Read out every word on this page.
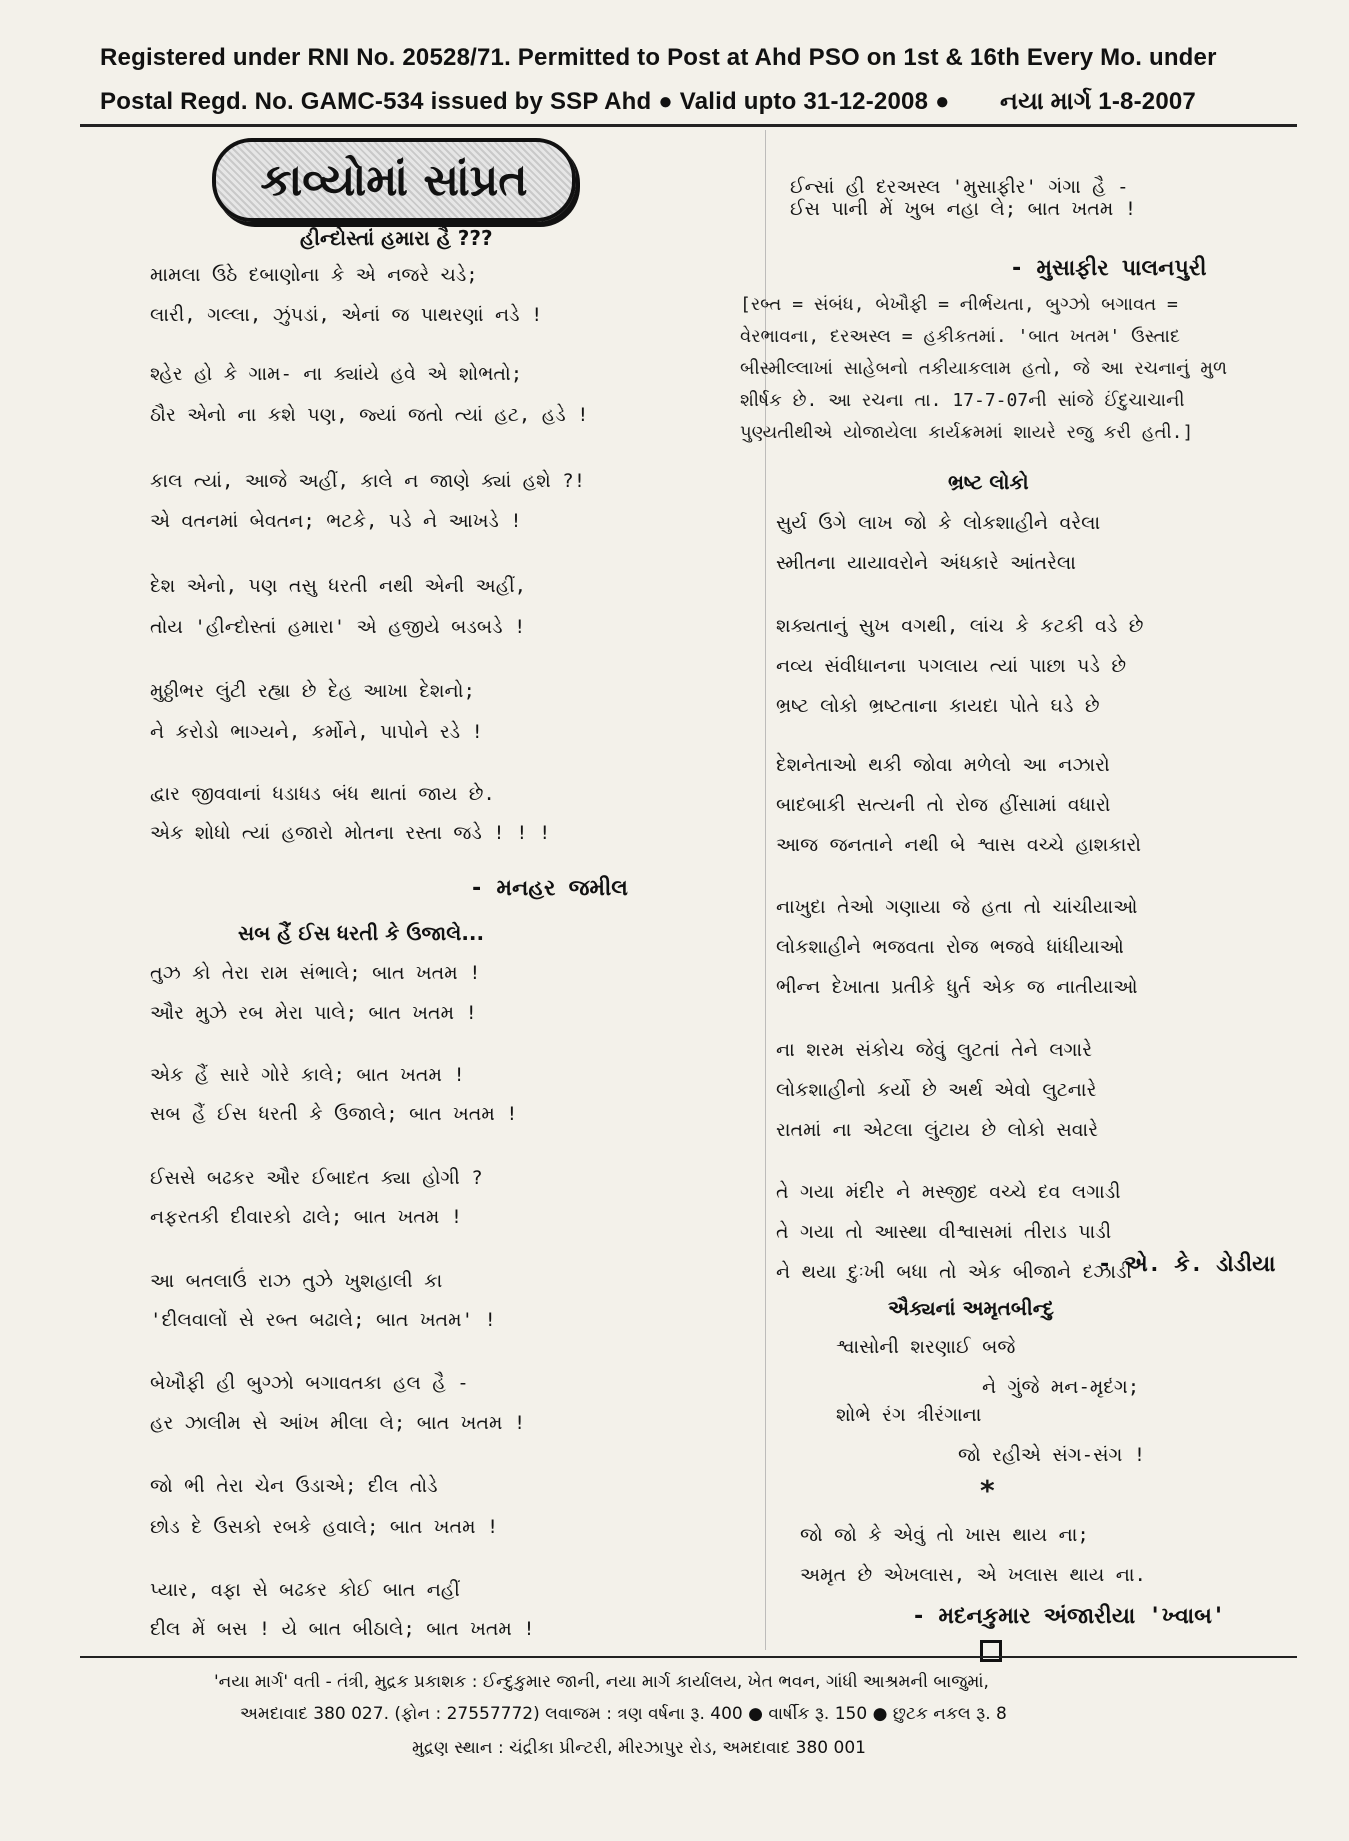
Registered under RNI No. 20528/71. Permitted to Post at Ahd PSO on 1st & 16th Every Mo. under
Postal Regd. No. GAMC-534 issued by SSP Ahd ● Valid upto 31-12-2008 ● નયા માર્ગ 1-8-2007
કાવ્યોમાં સાંપ્રત
હીન્દોસ્તાં હમારા હૈ ???
મામલા ઉઠે દબાણોના કે એ નજરે ચડે;
લારી, ગલ્લા, ઝુંપડાં, એનાં જ પાથરણાં નડે !
શ્હેર હો કે ગામ- ના ક્યાંયે હવે એ શોભતો;
ઠૌર એનો ના કશે પણ, જ્યાં જતો ત્યાં હટ, હડે !
કાલ ત્યાં, આજે અહીં, કાલે ન જાણે ક્યાં હશે ?!
એ વતનમાં બેવતન; ભટકે, પડે ને આખડે !
દેશ એનો, પણ તસુ ધરતી નથી એની અહીં,
તોય 'હીન્દોસ્તાં હમારા' એ હજીયે બડબડે !
મુઠ્ઠીભર લુંટી રહ્યા છે દેહ આખા દેશનો;
ને કરોડો ભાગ્યને, કર્મોને, પાપોને રડે !
દ્વાર જીવવાનાં ધડાધડ બંધ થાતાં જાય છે.
એક શોધો ત્યાં હજારો મોતના રસ્તા જડે ! ! !
- મનહર જમીલ
સબ હૈં ઈસ ધરતી કે ઉજાલે...
તુઝ કો તેરા રામ સંભાલે; બાત ખતમ !
ઔર મુઝે રબ મેરા પાલે; બાત ખતમ !
એક હૈં સારે ગોરે કાલે; બાત ખતમ !
સબ હૈં ઈસ ધરતી કે ઉજાલે; બાત ખતમ !
ઈસસે બઢકર ઔર ઈબાદત ક્યા હોગી ?
નફરતકી દીવારકો ઢાલે; બાત ખતમ !
આ બતલાઉં રાઝ તુઝે ખુશહાલી કા
'દીલવાલોં સે રબ્ત બઢાલે; બાત ખતમ' !
બેખૌફી હી બુગ્ઝો બગાવતકા હલ હૈ -
હર ઝાલીમ સે આંખ મીલા લે; બાત ખતમ !
જો ભી તેરા ચેન ઉડાએ; દીલ તોડે
છોડ દે ઉસકો રબકે હવાલે; બાત ખતમ !
પ્યાર, વફા સે બઢકર કોઈ બાત નહીં
દીલ મેં બસ ! યે બાત બીઠાલે; બાત ખતમ !
ઈન્સાં હી દરઅસ્લ 'મુસાફીર' ગંગા હૈ -
ઈસ પાની મેં ખુબ નહા લે; બાત ખતમ !
- મુસાફીર પાલનપુરી
[રબ્ત = સંબંધ, બેખૌફી = નીર્ભયતા, બુગ્ઝો બગાવત =
વેરભાવના, દરઅસ્લ = હકીકતમાં. 'બાત ખતમ' ઉસ્તાદ
બીસ્મીલ્લાખાં સાહેબનો તકીયાકલામ હતો, જે આ રચનાનું મુળ
શીર્ષક છે. આ રચના તા. 17-7-07ની સાંજે ઈંદુચાચાની
પુણ્યતીથીએ યોજાયેલા કાર્યક્રમમાં શાયરે રજુ કરી હતી.]
ભ્રષ્ટ લોકો
સુર્ય ઉગે લાખ જો કે લોકશાહીને વરેલા
સ્મીતના યાયાવરોને અંધકારે આંતરેલા
શક્યતાનું સુખ વગથી, લાંચ કે કટકી વડે છે
નવ્ય સંવીધાનના પગલાય ત્યાં પાછા પડે છે
ભ્રષ્ટ લોકો ભ્રષ્ટતાના કાયદા પોતે ઘડે છે
દેશનેતાઓ થકી જોવા મળેલો આ નઝારો
બાદબાકી સત્યની તો રોજ હીંસામાં વધારો
આજ જનતાને નથી બે શ્વાસ વચ્ચે હાશકારો
નાખુદા તેઓ ગણાયા જે હતા તો ચાંચીયાઓ
લોકશાહીને ભજવતા રોજ ભજવે ધાંધીયાઓ
ભીન્ન દેખાતા પ્રતીકે ધુર્ત એક જ નાતીયાઓ
ના શરમ સંકોચ જેવું લુટતાં તેને લગારે
લોકશાહીનો કર્યો છે અર્થ એવો લુટનારે
રાતમાં ના એટલા લુંટાય છે લોકો સવારે
તે ગયા મંદીર ને મસ્જીદ વચ્ચે દવ લગાડી
તે ગયા તો આસ્થા વીશ્વાસમાં તીરાડ પાડી
ને થયા દુઃખી બધા તો એક બીજાને દઝાડી
- એ. કે. ડોડીયા
ઐક્યનાં અમૃતબીન્દુ
શ્વાસોની શરણાઈ બજે
ને ગુંજે મન-મૃદંગ;
શોભે રંગ ત્રીરંગાના
જો રહીએ સંગ-સંગ !
*
જો જો કે એવું તો ખાસ થાય ના;
અમૃત છે એખલાસ, એ ખલાસ થાય ના.
- મદનકુમાર અંજારીયા 'ખ્વાબ'
'નયા માર્ગ' વતી - તંત્રી, મુદ્રક પ્રકાશક : ઈન્દુકુમાર જાની, નયા માર્ગ કાર્યાલય, ખેત ભવન, ગાંધી આશ્રમની બાજુમાં,
અમદાવાદ 380 027. (ફોન : 27557772) લવાજમ : ત્રણ વર્ષના રૂ. 400 ● વાર્ષીક રૂ. 150 ● છુટક નકલ રૂ. 8
મુદ્રણ સ્થાન : ચંદ્રીકા પ્રીન્ટરી, મીરઝાપુર રોડ, અમદાવાદ 380 001
